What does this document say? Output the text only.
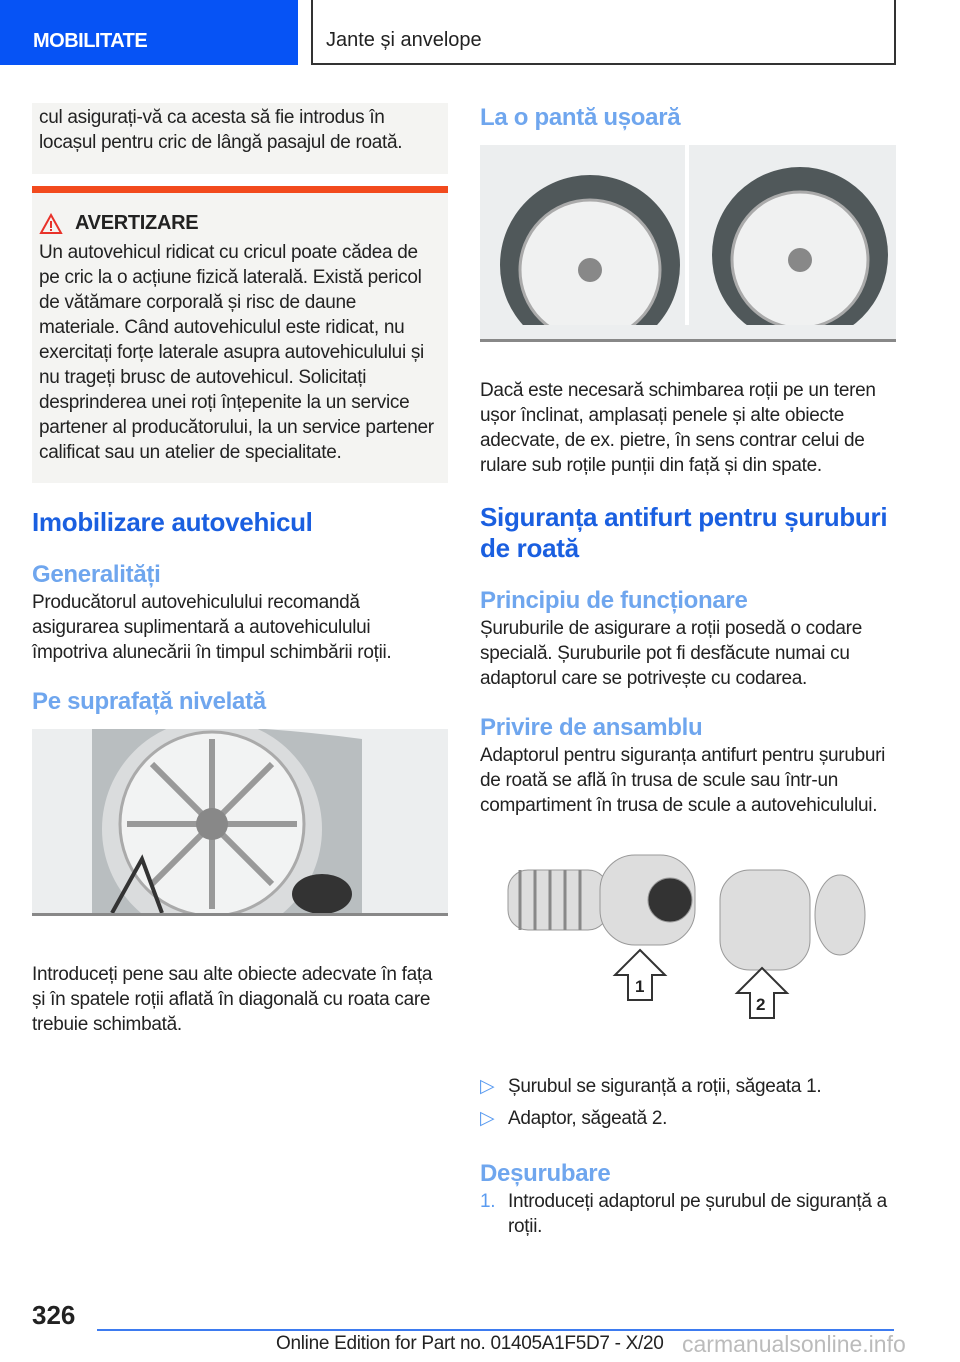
MOBILITATE	Jante și anvelope

cul asigurați-vă ca acesta să fie introdus în locașul pentru cric de lângă pasajul de roată.

AVERTIZARE

Un autovehicul ridicat cu cricul poate cădea de pe cric la o acțiune fizică laterală. Există pericol de vătămare corporală și risc de daune materiale. Când autovehiculul este ridicat, nu exercitați forțe laterale asupra autovehiculului și nu trageți brusc de autovehicul. Solicitați desprinderea unei roți înțepenite la un service partener al producătorului, la un service partener calificat sau un atelier de specialitate.

Imobilizare autovehicul
Generalități

Producătorul autovehiculului recomandă asigurarea suplimentară a autovehiculului împotriva alunecării în timpul schimbării roții.

Pe suprafață nivelată

Introduceți pene sau alte obiecte adecvate în fața și în spatele roții aflată în diagonală cu roata care trebuie schimbată.

La o pantă ușoară

Dacă este necesară schimbarea roții pe un teren ușor înclinat, amplasați penele și alte obiecte adecvate, de ex. pietre, în sens contrar celui de rulare sub roțile punții din față și din spate.

Siguranța antifurt pentru șuruburi de roată
Principiu de funcționare

Șuruburile de asigurare a roții posedă o codare specială. Șuruburile pot fi desfăcute numai cu adaptorul care se potrivește cu codarea.

Privire de ansamblu

Adaptorul pentru siguranța antifurt pentru șuruburi de roată se află în trusa de scule sau într-un compartiment în trusa de scule a autovehiculului.

1
2
▷ Șurubul se siguranță a roții, săgeata 1.
▷ Adaptor, săgeată 2.
Deșurubare
1. Introduceți adaptorul pe șurubul de siguranță a roții.
326
Online Edition for Part no. 01405A1F5D7 - X/20 carmanualsonline.info
